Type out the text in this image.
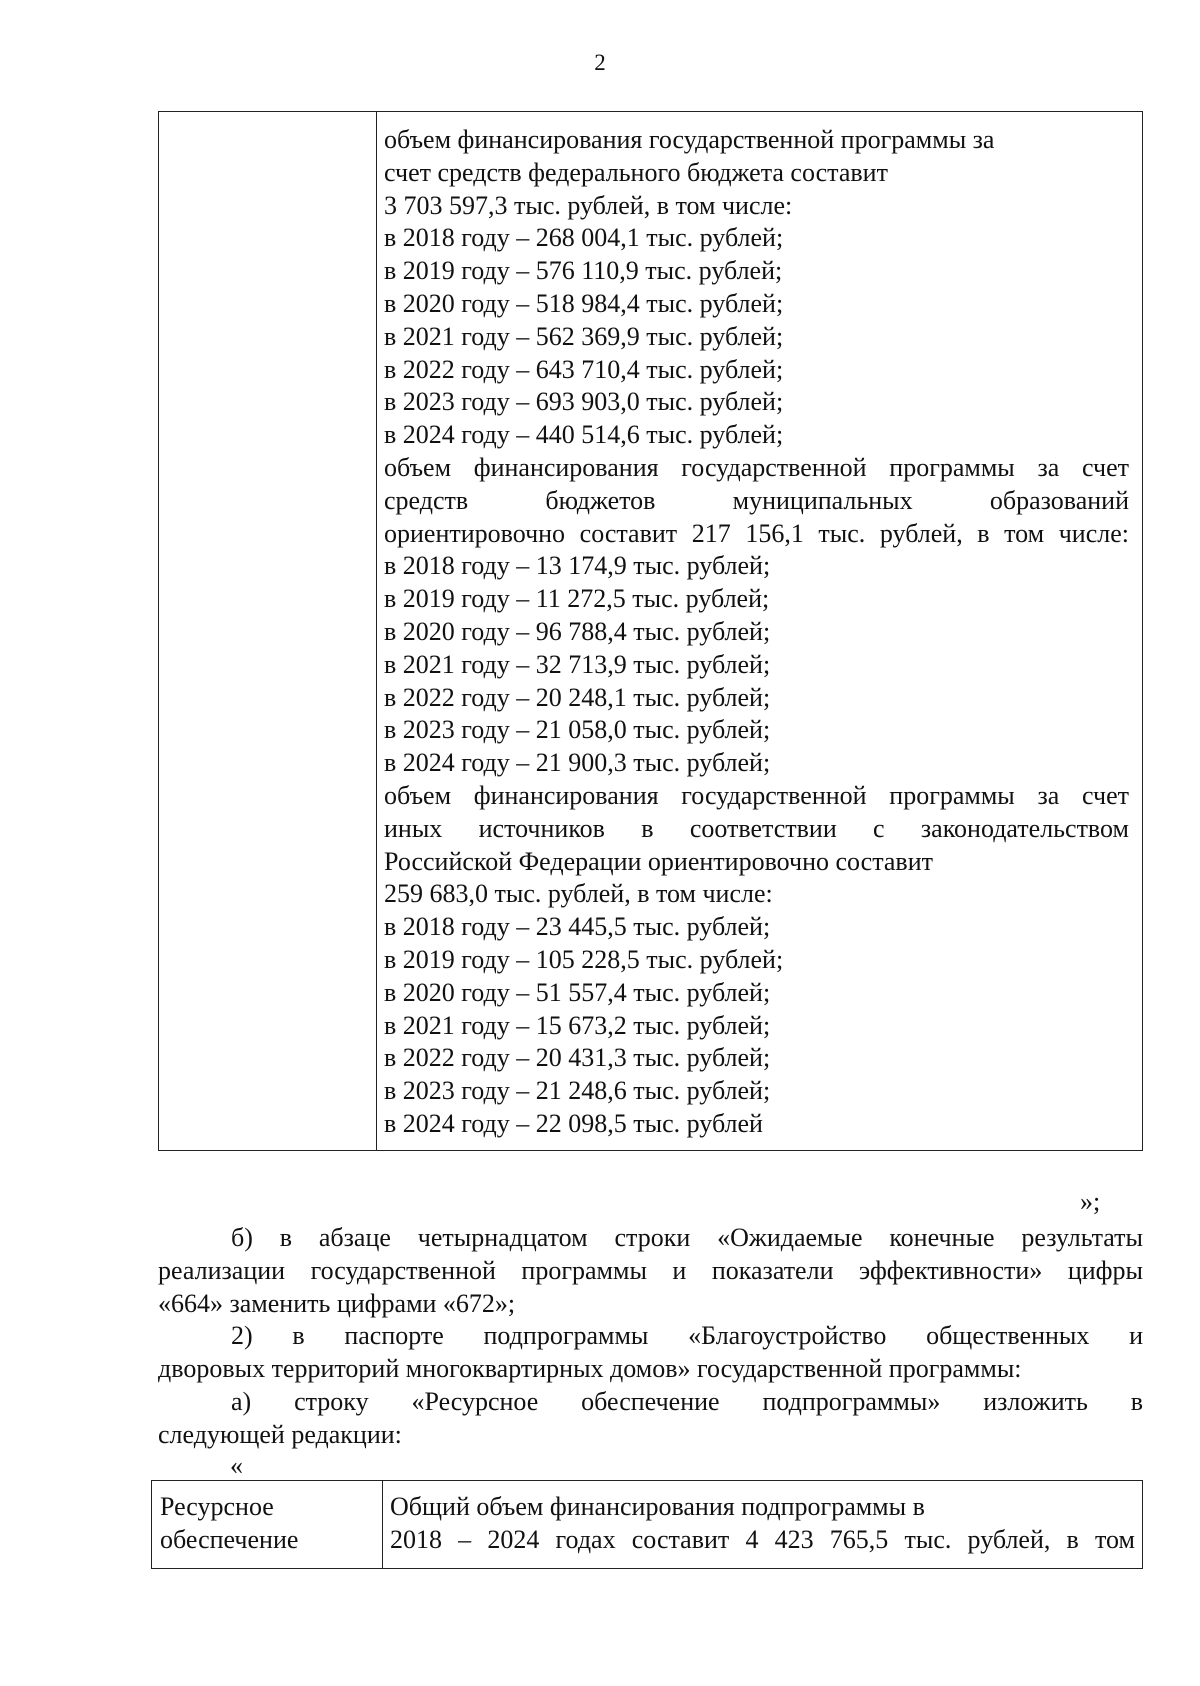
2
объем финансирования государственной программы за
счет средств федерального бюджета составит
3 703 597,3 тыс. рублей, в том числе:
в 2018 году – 268 004,1 тыс. рублей;
в 2019 году – 576 110,9 тыс. рублей;
в 2020 году – 518 984,4 тыс. рублей;
в 2021 году – 562 369,9 тыс. рублей;
в 2022 году – 643 710,4 тыс. рублей;
в 2023 году – 693 903,0 тыс. рублей;
в 2024 году – 440 514,6 тыс. рублей;
объем финансирования государственной программы за счет
средств бюджетов муниципальных образований
ориентировочно составит 217 156,1 тыс. рублей, в том числе:
в 2018 году – 13 174,9 тыс. рублей;
в 2019 году – 11 272,5 тыс. рублей;
в 2020 году – 96 788,4 тыс. рублей;
в 2021 году – 32 713,9 тыс. рублей;
в 2022 году – 20 248,1 тыс. рублей;
в 2023 году – 21 058,0 тыс. рублей;
в 2024 году – 21 900,3 тыс. рублей;
объем финансирования государственной программы за счет
иных источников в соответствии с законодательством
Российской Федерации ориентировочно составит
259 683,0 тыс. рублей, в том числе:
в 2018 году – 23 445,5 тыс. рублей;
в 2019 году – 105 228,5 тыс. рублей;
в 2020 году – 51 557,4 тыс. рублей;
в 2021 году – 15 673,2 тыс. рублей;
в 2022 году – 20 431,3 тыс. рублей;
в 2023 году – 21 248,6 тыс. рублей;
в 2024 году – 22 098,5 тыс. рублей
»;
б) в абзаце четырнадцатом строки «Ожидаемые конечные результаты
реализации государственной программы и показатели эффективности» цифры
«664» заменить цифрами «672»;
2) в паспорте подпрограммы «Благоустройство общественных и
дворовых территорий многоквартирных домов» государственной программы:
а) строку «Ресурсное обеспечение подпрограммы» изложить в
следующей редакции:
«
Ресурсное
обеспечение
Общий объем финансирования подпрограммы в
2018 – 2024 годах составит 4 423 765,5 тыс. рублей, в том
